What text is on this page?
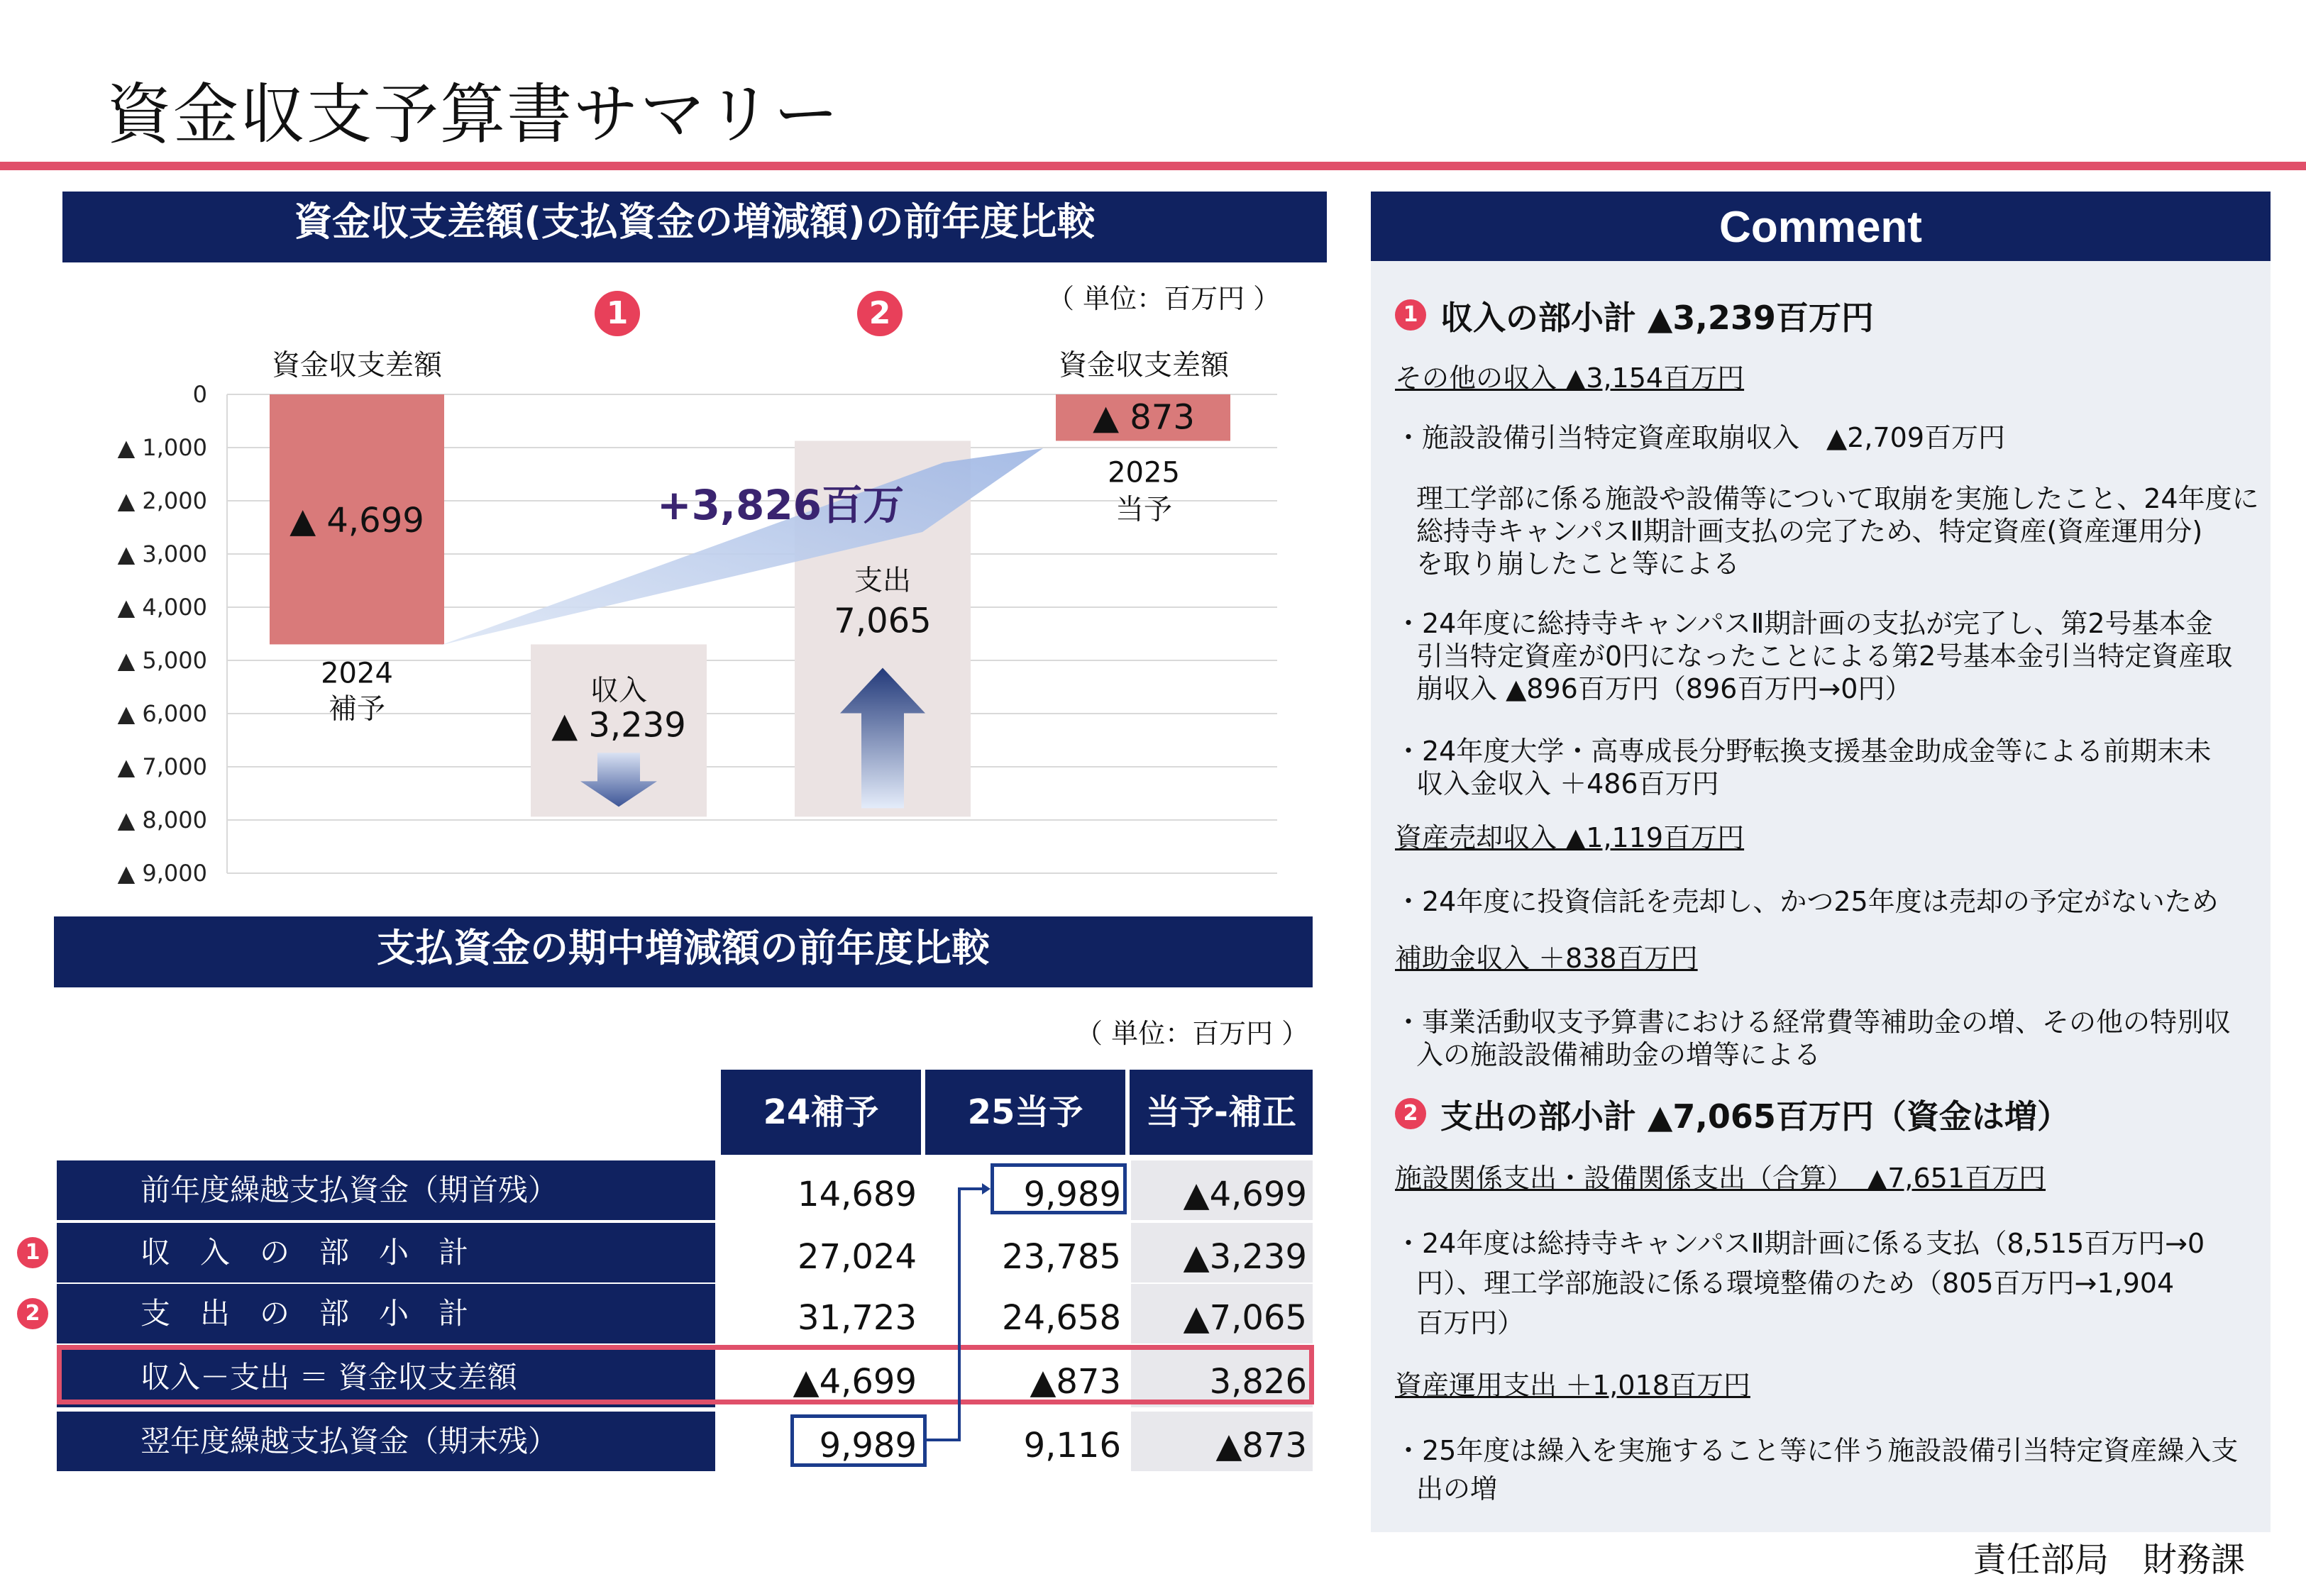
資金収支予算書サマリー
資金収支差額(支払資金の増減額)の前年度比較
（ 単位：百万円 ）
0
▲ 1,000
▲ 2,000
▲ 3,000
▲ 4,000
▲ 5,000
▲ 6,000
▲ 7,000
▲ 8,000
▲ 9,000
資金収支差額
▲ 4,699
2024
補予
収入
▲ 3,239
支出
7,065
資金収支差額
▲ 873
2025
当予
+3,826百万
1	2
支払資金の期中増減額の前年度比較
（ 単位：百万円 ）
24補予	25当予	当予-補正
前年度繰越支払資金（期首残）	14,689	9,989	▲4,699
収　入　の　部　小　計	27,024	23,785	▲3,239
支　出　の　部　小　計	31,723	24,658	▲7,065
収入－支出 ＝ 資金収支差額	▲4,699	▲873	3,826
翌年度繰越支払資金（期末残）	9,989	9,116	▲873
1
2
Comment
1 収入の部小計 ▲3,239百万円
その他の収入 ▲3,154百万円
・施設設備引当特定資産取崩収入　▲2,709百万円
理工学部に係る施設や設備等について取崩を実施したこと、24年度に
総持寺キャンパスⅡ期計画支払の完了ため、特定資産(資産運用分)
を取り崩したこと等による
・24年度に総持寺キャンパスⅡ期計画の支払が完了し、第2号基本金
引当特定資産が0円になったことによる第2号基本金引当特定資産取
崩収入 ▲896百万円（896百万円→0円）
・24年度大学・高専成長分野転換支援基金助成金等による前期末未
収入金収入 ＋486百万円
資産売却収入 ▲1,119百万円
・24年度に投資信託を売却し、かつ25年度は売却の予定がないため
補助金収入 ＋838百万円
・事業活動収支予算書における経常費等補助金の増、その他の特別収
入の施設設備補助金の増等による
2 支出の部小計 ▲7,065百万円（資金は増）
施設関係支出・設備関係支出（合算）　▲7,651百万円
・24年度は総持寺キャンパスⅡ期計画に係る支払（8,515百万円→0
円）、理工学部施設に係る環境整備のため（805百万円→1,904
百万円）
資産運用支出 ＋1,018百万円
・25年度は繰入を実施すること等に伴う施設設備引当特定資産繰入支
出の増
責任部局　財務課
